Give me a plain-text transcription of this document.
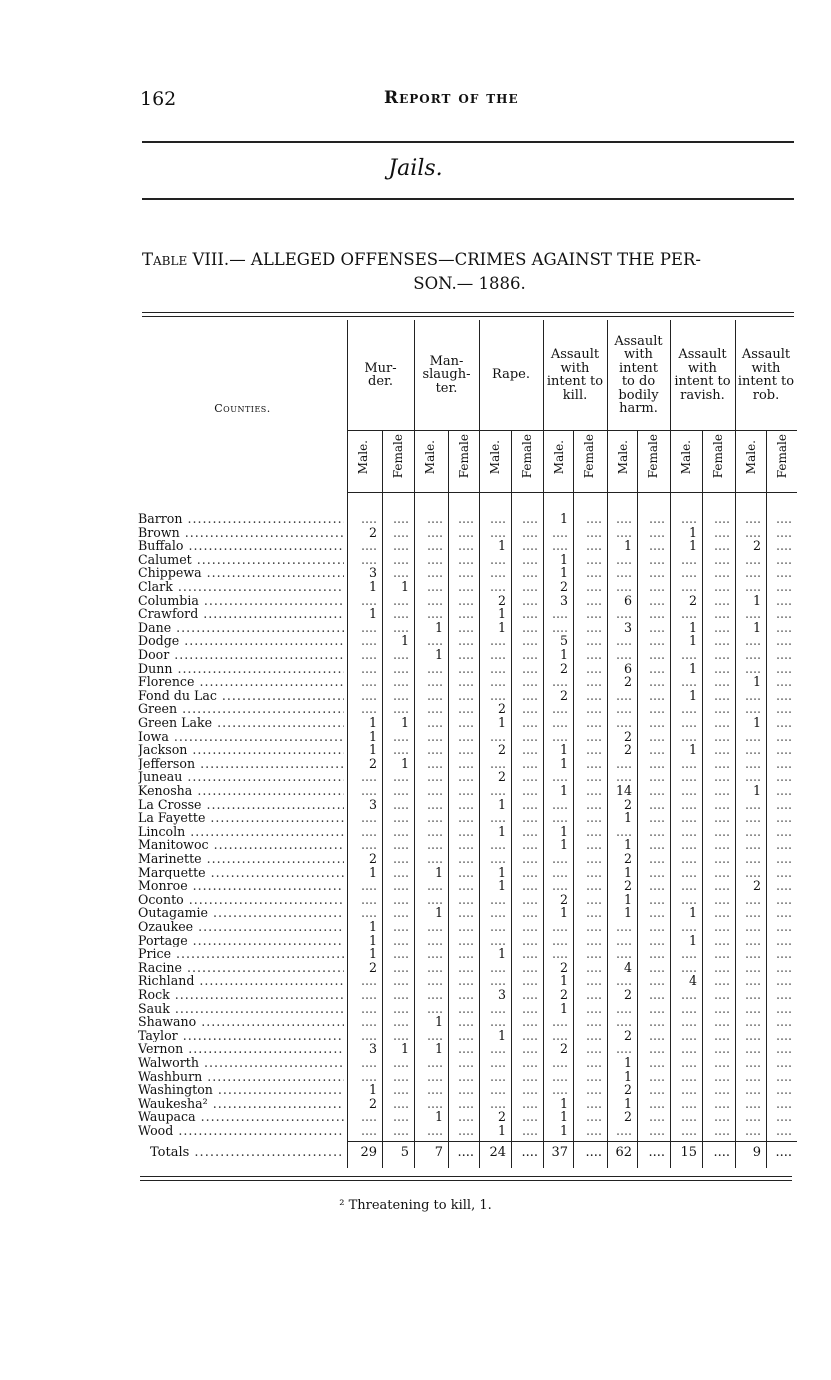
162	Report of the
Jails.
Table VIII.— ALLEGED OFFENSES—CRIMES AGAINST THE PER-
SON.— 1886.
Counties.
Mur-
der.
Man-
slaugh-
ter.
Rape.
Assault
with
intent to
kill.
Assault
with
intent
to do
bodily
harm.
Assault
with
intent to
ravish.
Assault
with
intent to
rob.
Male. Female Male. Female Male. Female Male. Female Male. Female Male. Female Male. Female
Barron .....	....	....	....	....	....	....	1	....	....	....	....	....	....	....
Brown .....	2	....	....	....	....	....	....	....	....	....	1	....	....	....
Buffalo .....	....	....	....	....	1	....	....	....	1	....	1	....	2	....
Calumet .....	....	....	....	....	....	....	1	....	....	....	....	....	....	....
Chippewa .....	3	....	....	....	....	....	1	....	....	....	....	....	....	....
Clark .....	1	1	....	....	....	....	2	....	....	....	....	....	....	....
Columbia .....	....	....	....	....	2	....	3	....	6	....	2	....	1	....
Crawford .....	1	....	....	....	1	....	....	....	....	....	....	....	....	....
Dane .....	....	....	1	....	1	....	....	....	3	....	1	....	1	....
Dodge .....	....	1	....	....	....	....	5	....	....	....	1	....	....	....
Door .....	....	....	1	....	....	....	1	....	....	....	....	....	....	....
Dunn .....	....	....	....	....	....	....	2	....	6	....	1	....	....	....
Florence .....	....	....	....	....	....	....	....	....	2	....	....	....	1	....
Fond du Lac .....	....	....	....	....	....	....	2	....	....	....	1	....	....	....
Green .....	....	....	....	....	2	....	....	....	....	....	....	....	....	....
Green Lake .....	1	1	....	....	1	....	....	....	....	....	....	....	1	....
Iowa .....	1	....	....	....	....	....	....	....	2	....	....	....	....	....
Jackson .....	1	....	....	....	2	....	1	....	2	....	1	....	....	....
Jefferson .....	2	1	....	....	....	....	1	....	....	....	....	....	....	....
Juneau .....	....	....	....	....	2	....	....	....	....	....	....	....	....	....
Kenosha .....	....	....	....	....	....	....	1	....	14	....	....	....	1	....
La Crosse .....	3	....	....	....	1	....	....	....	2	....	....	....	....	....
La Fayette .....	....	....	....	....	....	....	....	....	1	....	....	....	....	....
Lincoln .....	....	....	....	....	1	....	1	....	....	....	....	....	....	....
Manitowoc .....	....	....	....	....	....	....	1	....	1	....	....	....	....	....
Marinette .....	2	....	....	....	....	....	....	....	2	....	....	....	....	....
Marquette .....	1	....	1	....	1	....	....	....	1	....	....	....	....	....
Monroe .....	....	....	....	....	1	....	....	....	2	....	....	....	2	....
Oconto .....	....	....	....	....	....	....	2	....	1	....	....	....	....	....
Outagamie .....	....	....	1	....	....	....	1	....	1	....	1	....	....	....
Ozaukee .....	1	....	....	....	....	....	....	....	....	....	....	....	....	....
Portage .....	1	....	....	....	....	....	....	....	....	....	1	....	....	....
Price .....	1	....	....	....	1	....	....	....	....	....	....	....	....	....
Racine .....	2	....	....	....	....	....	2	....	4	....	....	....	....	....
Richland .....	....	....	....	....	....	....	1	....	....	....	4	....	....	....
Rock .....	....	....	....	....	3	....	2	....	2	....	....	....	....	....
Sauk .....	....	....	....	....	....	....	1	....	....	....	....	....	....	....
Shawano .....	....	....	1	....	....	....	....	....	....	....	....	....	....	....
Taylor .....	....	....	....	....	1	....	....	....	2	....	....	....	....	....
Vernon .....	3	1	1	....	....	....	2	....	....	....	....	....	....	....
Walworth .....	....	....	....	....	....	....	....	....	1	....	....	....	....	....
Washburn .....	....	....	....	....	....	....	....	....	1	....	....	....	....	....
Washington .....	1	....	....	....	....	....	....	....	2	....	....	....	....	....
Waukesha² .....	2	....	....	....	....	....	1	....	1	....	....	....	....	....
Waupaca .....	....	....	1	....	2	....	1	....	2	....	....	....	....	....
Wood .....	....	....	....	....	1	....	1	....	....	....	....	....	....	....
Totals .....	29	5	7	....	24	....	37	....	62	....	15	....	9	....
² Threatening to kill, 1.
